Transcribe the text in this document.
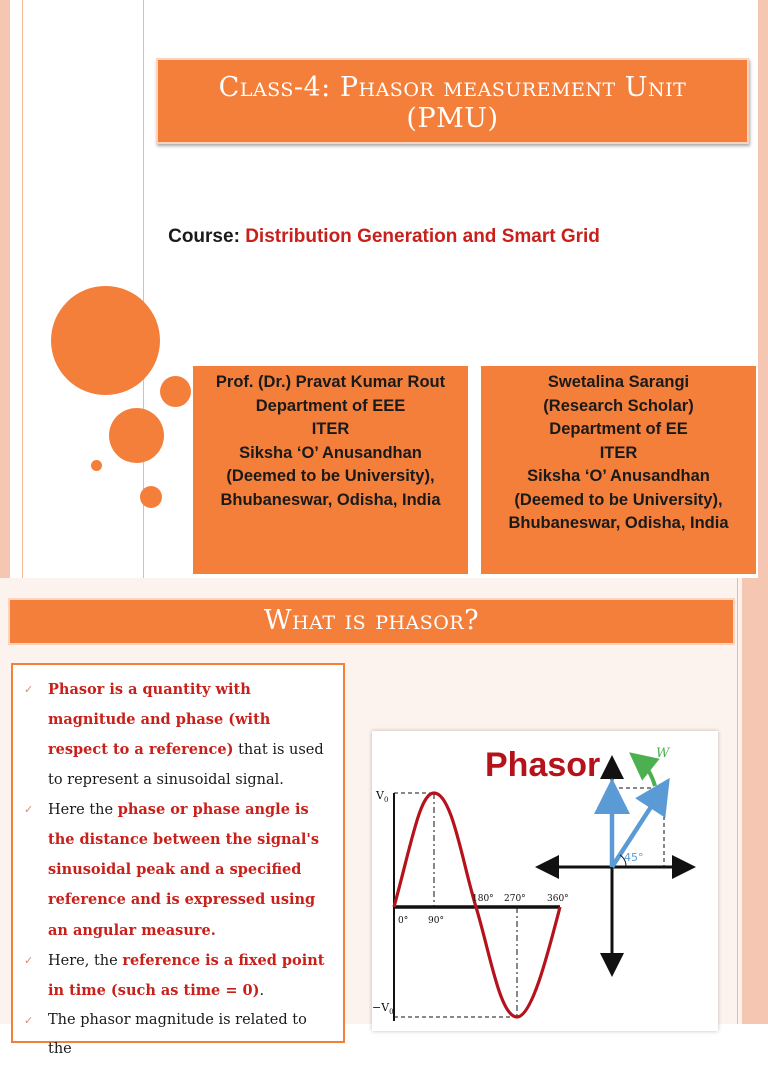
Class-4: Phasor measurement Unit
(PMU)
Course: Distribution Generation and Smart Grid
Prof. (Dr.) Pravat Kumar Rout
Department of EEE
ITER
Siksha ‘O’ Anusandhan
(Deemed to be University),
Bhubaneswar, Odisha, India
Swetalina Sarangi
(Research Scholar)
Department of EE
ITER
Siksha ‘O’ Anusandhan
(Deemed to be University),
Bhubaneswar, Odisha, India
What is phasor?

✓ Phasor is a quantity with magnitude and phase (with respect to a reference) that is used to represent a sinusoidal signal.

✓ Here the phase or phase angle is the distance between the signal's sinusoidal peak and a specified reference and is expressed using an angular measure.

✓ Here, the reference is a fixed point in time (such as time = 0).

✓ The phasor magnitude is related to the

Phasor
$V_0$
$-V_0$
0° 90°
180° 270° 360°
W
45°
